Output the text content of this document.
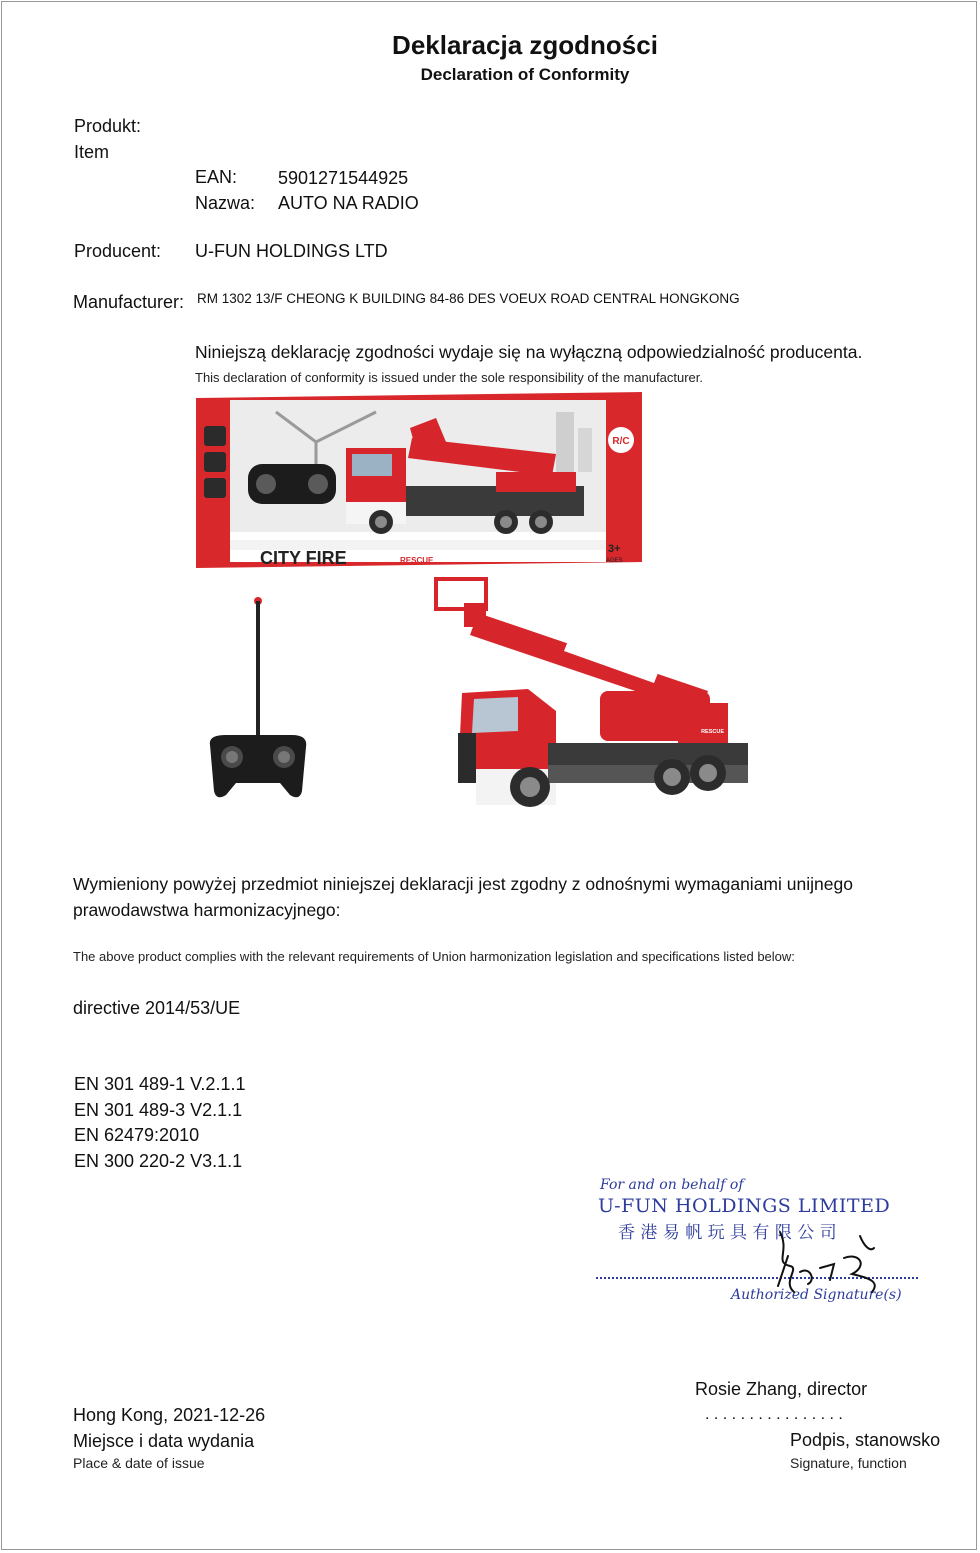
Deklaracja zgodności
Declaration of Conformity
Produkt:
Item
EAN: 5901271544925
Nazwa: AUTO NA RADIO
Producent: U-FUN HOLDINGS LTD
Manufacturer: RM 1302 13/F CHEONG K BUILDING 84-86 DES VOEUX ROAD CENTRAL HONGKONG
Niniejszą deklarację zgodności wydaje się na wyłączną odpowiedzialność producenta.
This declaration of conformity is issued under the sole responsibility of the manufacturer.
R/C
CITY FIRE	RESCUE
3+
AGES
RESCUE
Wymieniony powyżej przedmiot niniejszej deklaracji jest zgodny z odnośnymi wymaganiami unijnego
prawodawstwa harmonizacyjnego:
The above product complies with the relevant requirements of Union harmonization legislation and specifications listed below:
directive 2014/53/UE
EN 301 489-1 V.2.1.1
EN 301 489-3 V2.1.1
EN 62479:2010
EN 300 220-2 V3.1.1
For and on behalf of
U-FUN HOLDINGS LIMITED
香 港 易 帆 玩 具 有 限 公 司
Authorized Signature(s)
Rosie Zhang, director
. . . . . . . . . . . . . . . .
Hong Kong, 2021-12-26
Miejsce i data wydania
Place & date of issue
Podpis, stanowsko
Signature, function
